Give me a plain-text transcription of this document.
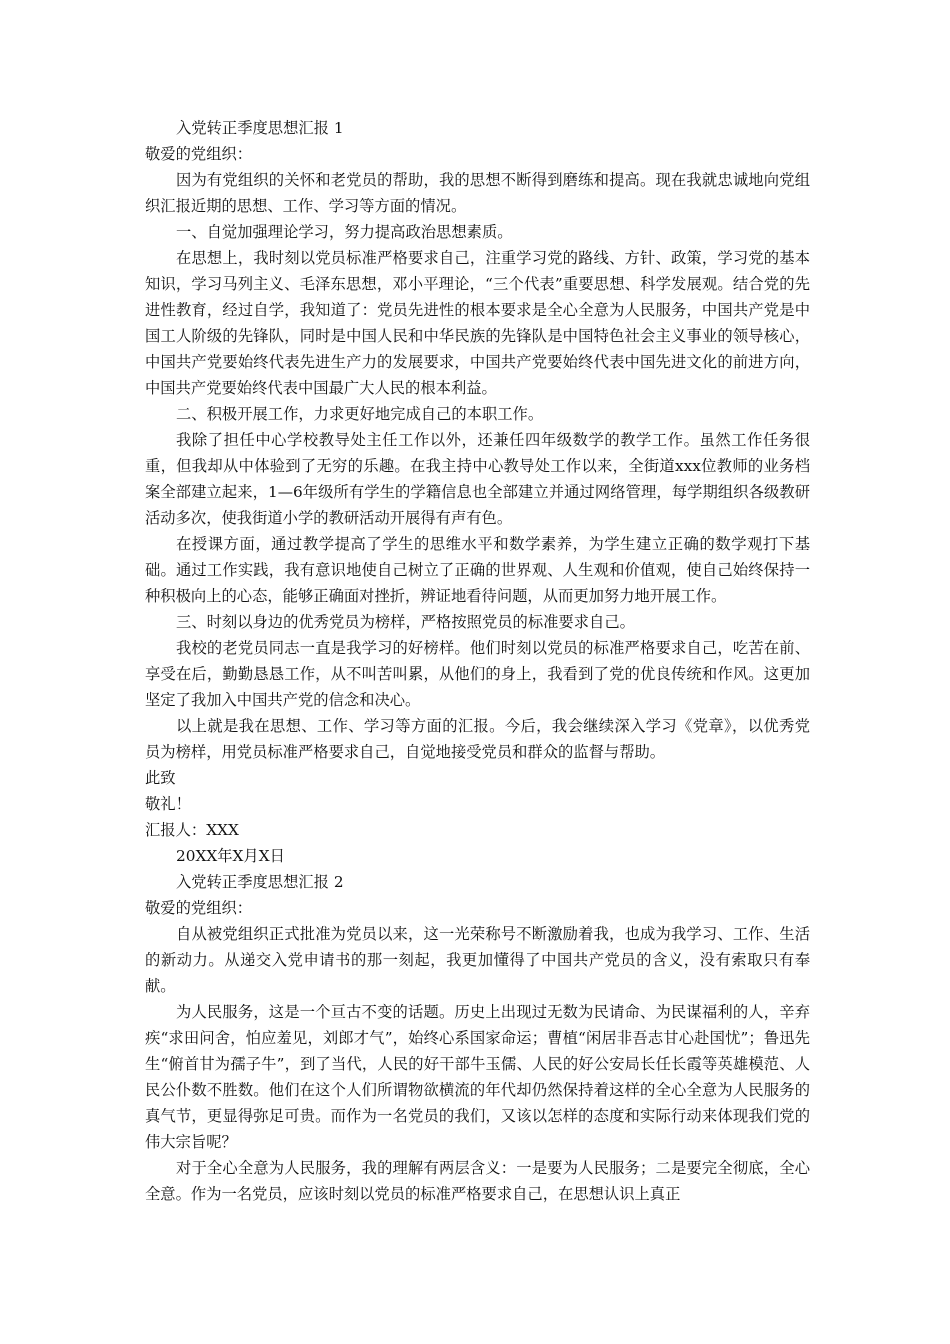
入党转正季度思想汇报 1

敬爱的党组织：

因为有党组织的关怀和老党员的帮助，我的思想不断得到磨练和提高。现在我就忠诚地向党组织汇报近期的思想、工作、学习等方面的情况。

一、自觉加强理论学习，努力提高政治思想素质。

在思想上，我时刻以党员标准严格要求自己，注重学习党的路线、方针、政策，学习党的基本知识，学习马列主义、毛泽东思想，邓小平理论，“三个代表”重要思想、科学发展观。结合党的先进性教育，经过自学，我知道了：党员先进性的根本要求是全心全意为人民服务，中国共产党是中国工人阶级的先锋队，同时是中国人民和中华民族的先锋队是中国特色社会主义事业的领导核心，中国共产党要始终代表先进生产力的发展要求，中国共产党要始终代表中国先进文化的前进方向，中国共产党要始终代表中国最广大人民的根本利益。

二、积极开展工作，力求更好地完成自己的本职工作。

我除了担任中心学校教导处主任工作以外，还兼任四年级数学的教学工作。虽然工作任务很重，但我却从中体验到了无穷的乐趣。在我主持中心教导处工作以来，全街道xxx位教师的业务档案全部建立起来，1—6年级所有学生的学籍信息也全部建立并通过网络管理，每学期组织各级教研活动多次，使我街道小学的教研活动开展得有声有色。

在授课方面，通过教学提高了学生的思维水平和数学素养，为学生建立正确的数学观打下基础。通过工作实践，我有意识地使自己树立了正确的世界观、人生观和价值观，使自己始终保持一种积极向上的心态，能够正确面对挫折，辨证地看待问题，从而更加努力地开展工作。

三、时刻以身边的优秀党员为榜样，严格按照党员的标准要求自己。

我校的老党员同志一直是我学习的好榜样。他们时刻以党员的标准严格要求自己，吃苦在前、享受在后，勤勤恳恳工作，从不叫苦叫累，从他们的身上，我看到了党的优良传统和作风。这更加坚定了我加入中国共产党的信念和决心。

以上就是我在思想、工作、学习等方面的汇报。今后，我会继续深入学习《党章》，以优秀党员为榜样，用党员标准严格要求自己，自觉地接受党员和群众的监督与帮助。

此致

敬礼！

汇报人：XXX

20XX年X月X日

入党转正季度思想汇报 2

敬爱的党组织：

自从被党组织正式批准为党员以来，这一光荣称号不断激励着我，也成为我学习、工作、生活的新动力。从递交入党申请书的那一刻起，我更加懂得了中国共产党员的含义，没有索取只有奉献。

为人民服务，这是一个亘古不变的话题。历史上出现过无数为民请命、为民谋福利的人，辛弃疾“求田问舍，怕应羞见，刘郎才气”，始终心系国家命运；曹植“闲居非吾志甘心赴国忧”；鲁迅先生“俯首甘为孺子牛”，到了当代，人民的好干部牛玉儒、人民的好公安局长任长霞等英雄模范、人民公仆数不胜数。他们在这个人们所谓物欲横流的年代却仍然保持着这样的全心全意为人民服务的真气节，更显得弥足可贵。而作为一名党员的我们，又该以怎样的态度和实际行动来体现我们党的伟大宗旨呢？

对于全心全意为人民服务，我的理解有两层含义：一是要为人民服务；二是要完全彻底，全心全意。作为一名党员，应该时刻以党员的标准严格要求自己，在思想认识上真正
